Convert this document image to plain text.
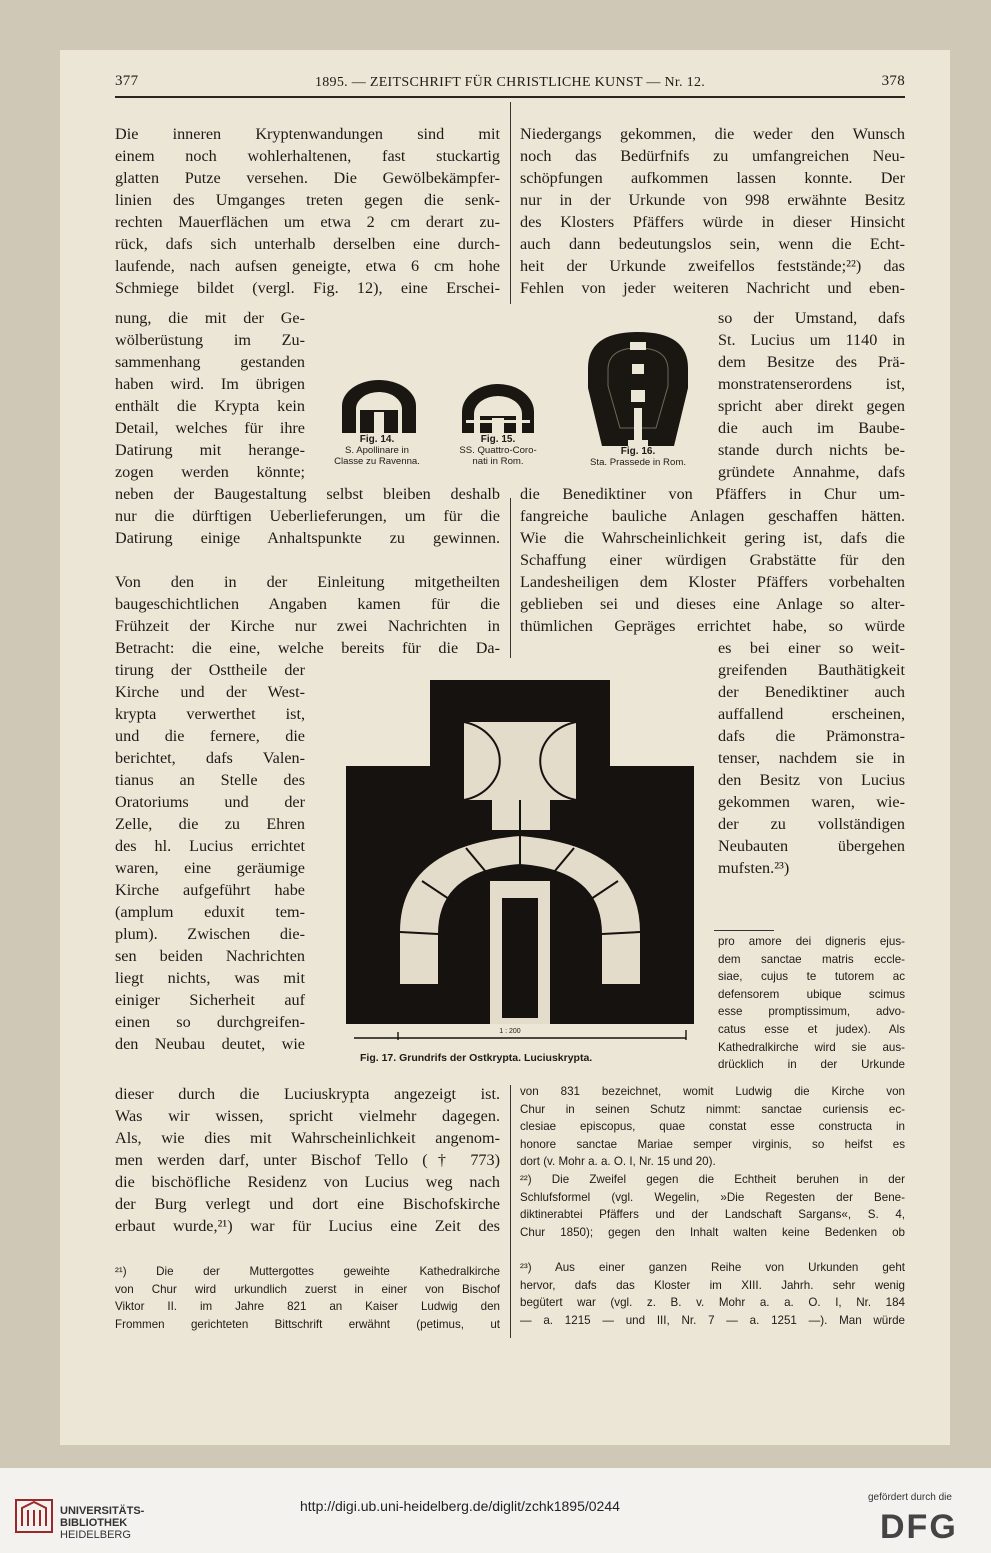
377	1895. — ZEITSCHRIFT FÜR CHRISTLICHE KUNST — Nr. 12.	378
Die inneren Kryptenwandungen sind mit
einem noch wohlerhaltenen, fast stuckartig
glatten Putze versehen. Die Gewölbekämpfer-
linien des Umganges treten gegen die senk-
rechten Mauerflächen um etwa 2 cm derart zu-
rück, dafs sich unterhalb derselben eine durch-
laufende, nach aufsen geneigte, etwa 6 cm hohe
Schmiege bildet (vergl. Fig. 12), eine Erschei-
nung, die mit der Ge-
wölberüstung im Zu-
sammenhang gestanden
haben wird. Im übrigen
enthält die Krypta kein
Detail, welches für ihre
Datirung mit herange-
zogen werden könnte;
neben der Baugestaltung selbst bleiben deshalb
nur die dürftigen Ueberlieferungen, um für die
Datirung einige Anhaltspunkte zu gewinnen.
Von den in der Einleitung mitgetheilten
baugeschichtlichen Angaben kamen für die
Frühzeit der Kirche nur zwei Nachrichten in
Betracht: die eine, welche bereits für die Da-
tirung der Osttheile der
Kirche und der West-
krypta verwerthet ist,
und die fernere, die
berichtet, dafs Valen-
tianus an Stelle des
Oratoriums und der
Zelle, die zu Ehren
des hl. Lucius errichtet
waren, eine geräumige
Kirche aufgeführt habe
(amplum eduxit tem-
plum). Zwischen die-
sen beiden Nachrichten
liegt nichts, was mit
einiger Sicherheit auf
einen so durchgreifen-
den Neubau deutet, wie
dieser durch die Luciuskrypta angezeigt ist.
Was wir wissen, spricht vielmehr dagegen.
Als, wie dies mit Wahrscheinlichkeit angenom-
men werden darf, unter Bischof Tello († 773)
die bischöfliche Residenz von Lucius weg nach
der Burg verlegt und dort eine Bischofskirche
erbaut wurde,²¹) war für Lucius eine Zeit des
²¹) Die der Muttergottes geweihte Kathedralkirche
von Chur wird urkundlich zuerst in einer von Bischof
Viktor II. im Jahre 821 an Kaiser Ludwig den
Frommen gerichteten Bittschrift erwähnt (petimus, ut
Niedergangs gekommen, die weder den Wunsch
noch das Bedürfnifs zu umfangreichen Neu-
schöpfungen aufkommen lassen konnte. Der
nur in der Urkunde von 998 erwähnte Besitz
des Klosters Pfäffers würde in dieser Hinsicht
auch dann bedeutungslos sein, wenn die Echt-
heit der Urkunde zweifellos feststände;²²) das
Fehlen von jeder weiteren Nachricht und eben-
so der Umstand, dafs
St. Lucius um 1140 in
dem Besitze des Prä-
monstratenserordens ist,
spricht aber direkt gegen
die auch im Baube-
stande durch nichts be-
gründete Annahme, dafs
die Benediktiner von Pfäffers in Chur um-
fangreiche bauliche Anlagen geschaffen hätten.
Wie die Wahrscheinlichkeit gering ist, dafs die
Schaffung einer würdigen Grabstätte für den
Landesheiligen dem Kloster Pfäffers vorbehalten
geblieben sei und dieses eine Anlage so alter-
thümlichen Gepräges errichtet habe, so würde
es bei einer so weit-
greifenden Bauthätigkeit
der Benediktiner auch
auffallend erscheinen,
dafs die Prämonstra-
tenser, nachdem sie in
den Besitz von Lucius
gekommen waren, wie-
der zu vollständigen
Neubauten übergehen
mufsten.²³)
pro amore dei digneris ejus-
dem sanctae matris eccle-
siae, cujus te tutorem ac
defensorem ubique scimus
esse promptissimum, advo-
catus esse et judex). Als
Kathedralkirche wird sie aus-
drücklich in der Urkunde
von 831 bezeichnet, womit Ludwig die Kirche von
Chur in seinen Schutz nimmt: sanctae curiensis ec-
clesiae episcopus, quae constat esse constructa in
honore sanctae Mariae semper virginis, so heifst es
dort (v. Mohr a. a. O. I, Nr. 15 und 20).
²²) Die Zweifel gegen die Echtheit beruhen in der
Schlufsformel (vgl. Wegelin, »Die Regesten der Bene-
diktinerabtei Pfäffers und der Landschaft Sargans«, S. 4,
Chur 1850); gegen den Inhalt walten keine Bedenken ob
²³) Aus einer ganzen Reihe von Urkunden geht
hervor, dafs das Kloster im XIII. Jahrh. sehr wenig
begütert war (vgl. z. B. v. Mohr a. a. O. I, Nr. 184
— a. 1215 — und III, Nr. 7 — a. 1251 —). Man würde
Fig. 14.
S. Apollinare in
Classe zu Ravenna.
Fig. 15.
SS. Quattro-Coro-
nati in Rom.
Fig. 16.
Sta. Prassede in Rom.
1 : 200
Fig. 17. Grundrifs der Ostkrypta. Luciuskrypta.
UNIVERSITÄTS-
BIBLIOTHEK
HEIDELBERG
http://digi.ub.uni-heidelberg.de/diglit/zchk1895/0244
gefördert durch die
DFG
